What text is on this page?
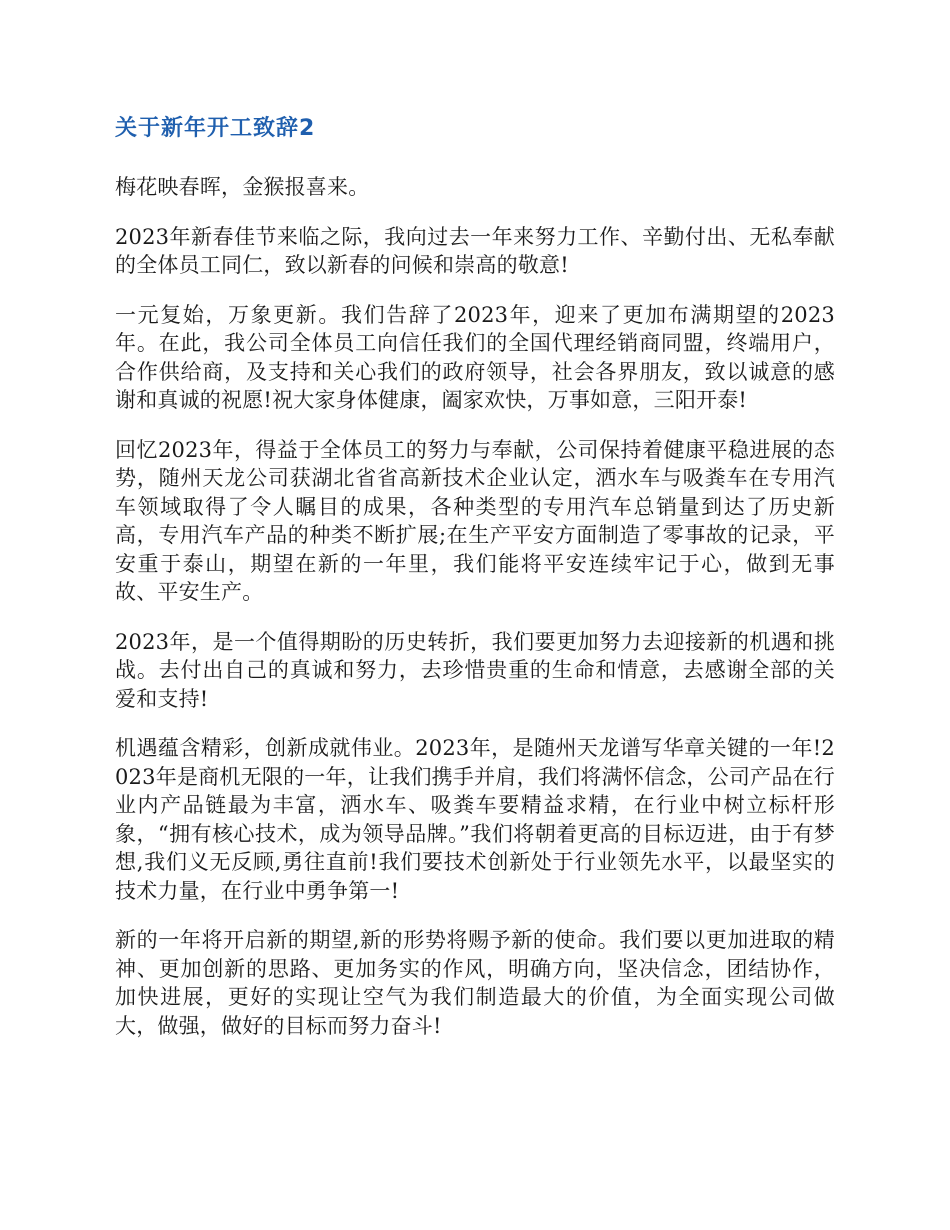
关于新年开工致辞2

梅花映春晖，金猴报喜来。

2023年新春佳节来临之际，我向过去一年来努力工作、辛勤付出、无私奉献的全体员工同仁，致以新春的问候和崇高的敬意!

一元复始，万象更新。我们告辞了2023年，迎来了更加布满期望的2023年。在此，我公司全体员工向信任我们的全国代理经销商同盟，终端用户，合作供给商，及支持和关心我们的政府领导，社会各界朋友，致以诚意的感谢和真诚的祝愿!祝大家身体健康，阖家欢快，万事如意，三阳开泰!

回忆2023年，得益于全体员工的努力与奉献，公司保持着健康平稳进展的态势，随州天龙公司获湖北省省高新技术企业认定，洒水车与吸粪车在专用汽车领域取得了令人瞩目的成果，各种类型的专用汽车总销量到达了历史新高，专用汽车产品的种类不断扩展;在生产平安方面制造了零事故的记录，平安重于泰山，期望在新的一年里，我们能将平安连续牢记于心，做到无事故、平安生产。

2023年，是一个值得期盼的历史转折，我们要更加努力去迎接新的机遇和挑战。去付出自己的真诚和努力，去珍惜贵重的生命和情意，去感谢全部的关爱和支持!

机遇蕴含精彩，创新成就伟业。2023年，是随州天龙谱写华章关键的一年!2023年是商机无限的一年，让我们携手并肩，我们将满怀信念，公司产品在行业内产品链最为丰富，洒水车、吸粪车要精益求精，在行业中树立标杆形象，“拥有核心技术，成为领导品牌。”我们将朝着更高的目标迈进，由于有梦想,我们义无反顾,勇往直前!我们要技术创新处于行业领先水平，以最坚实的技术力量，在行业中勇争第一!

新的一年将开启新的期望,新的形势将赐予新的使命。我们要以更加进取的精神、更加创新的思路、更加务实的作风，明确方向，坚决信念，团结协作，加快进展，更好的实现让空气为我们制造最大的价值，为全面实现公司做大，做强，做好的目标而努力奋斗!
